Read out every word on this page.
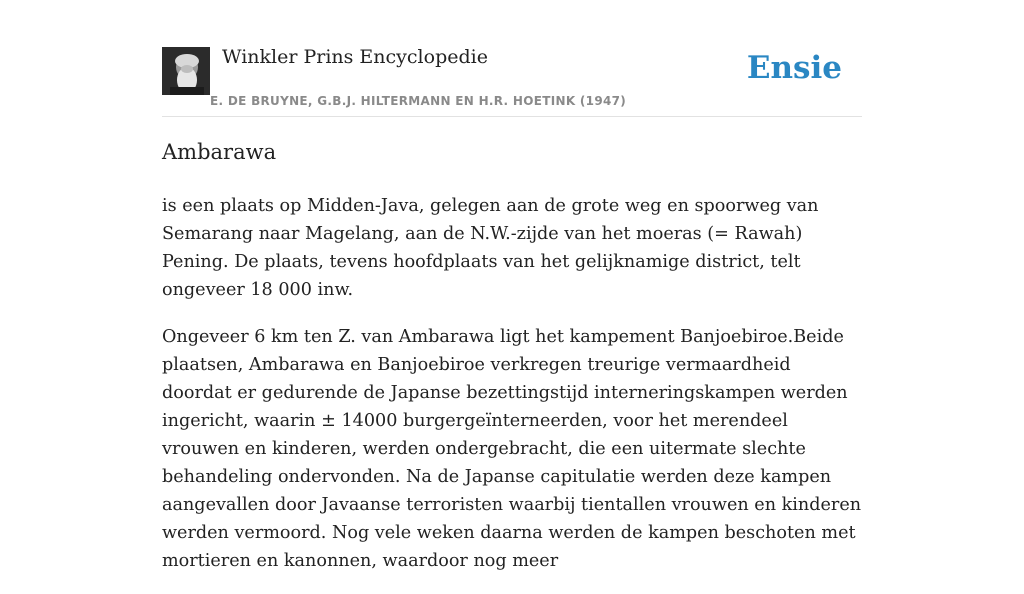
Winkler Prins Encyclopedie
E. DE BRUYNE, G.B.J. HILTERMANN EN H.R. HOETINK (1947)
Ensie
Ambarawa

is een plaats op Midden-Java, gelegen aan de grote weg en spoorweg van Semarang naar Magelang, aan de N.W.-zijde van het moeras (= Rawah) Pening. De plaats, tevens hoofdplaats van het gelijknamige district, telt ongeveer 18 000 inw.

Ongeveer 6 km ten Z. van Ambarawa ligt het kampement Banjoebiroe.Beide plaatsen, Ambarawa en Banjoebiroe verkregen treurige vermaardheid doordat er gedurende de Japanse bezettingstijd interneringskampen werden ingericht, waarin ± 14000 burgergeïnterneerden, voor het merendeel vrouwen en kinderen, werden ondergebracht, die een uitermate slechte behandeling ondervonden. Na de Japanse capitulatie werden deze kampen aangevallen door Javaanse terroristen waarbij tientallen vrouwen en kinderen werden vermoord. Nog vele weken daarna werden de kampen beschoten met mortieren en kanonnen, waardoor nog meer
